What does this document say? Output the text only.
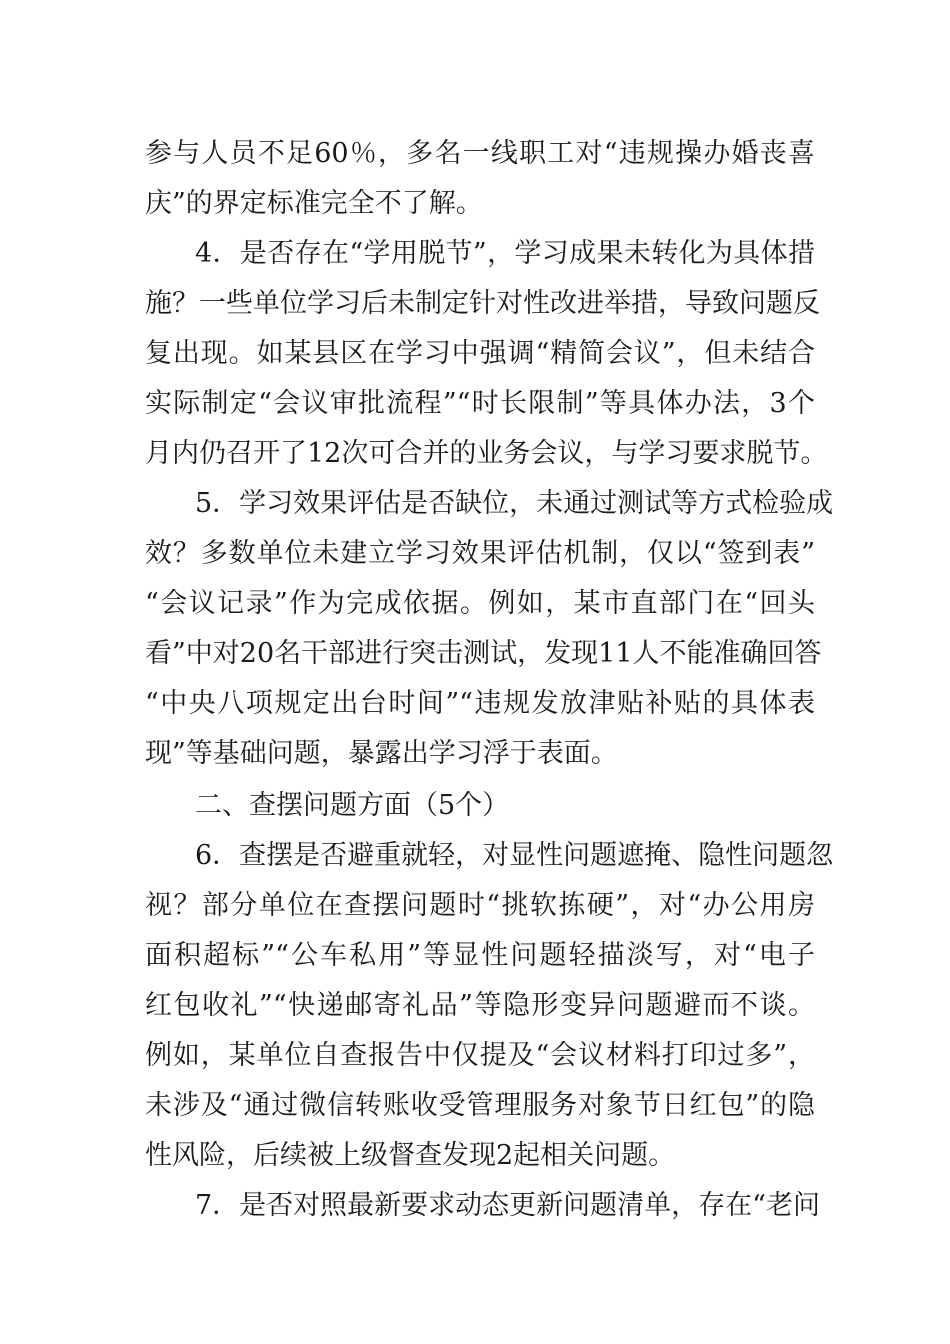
参与人员不足60％，多名一线职工对“违规操办婚丧喜
庆”的界定标准完全不了解。
4．是否存在“学用脱节”，学习成果未转化为具体措
施？一些单位学习后未制定针对性改进举措，导致问题反
复出现。如某县区在学习中强调“精简会议”，但未结合
实际制定“会议审批流程”“时长限制”等具体办法，3个
月内仍召开了12次可合并的业务会议，与学习要求脱节。
5．学习效果评估是否缺位，未通过测试等方式检验成
效？多数单位未建立学习效果评估机制，仅以“签到表”
“会议记录”作为完成依据。例如，某市直部门在“回头
看”中对20名干部进行突击测试，发现11人不能准确回答
“中央八项规定出台时间”“违规发放津贴补贴的具体表
现”等基础问题，暴露出学习浮于表面。
二、查摆问题方面（5个）
6．查摆是否避重就轻，对显性问题遮掩、隐性问题忽
视？部分单位在查摆问题时“挑软拣硬”，对“办公用房
面积超标”“公车私用”等显性问题轻描淡写，对“电子
红包收礼”“快递邮寄礼品”等隐形变异问题避而不谈。
例如，某单位自查报告中仅提及“会议材料打印过多”，
未涉及“通过微信转账收受管理服务对象节日红包”的隐
性风险，后续被上级督查发现2起相关问题。
7．是否对照最新要求动态更新问题清单，存在“老问
